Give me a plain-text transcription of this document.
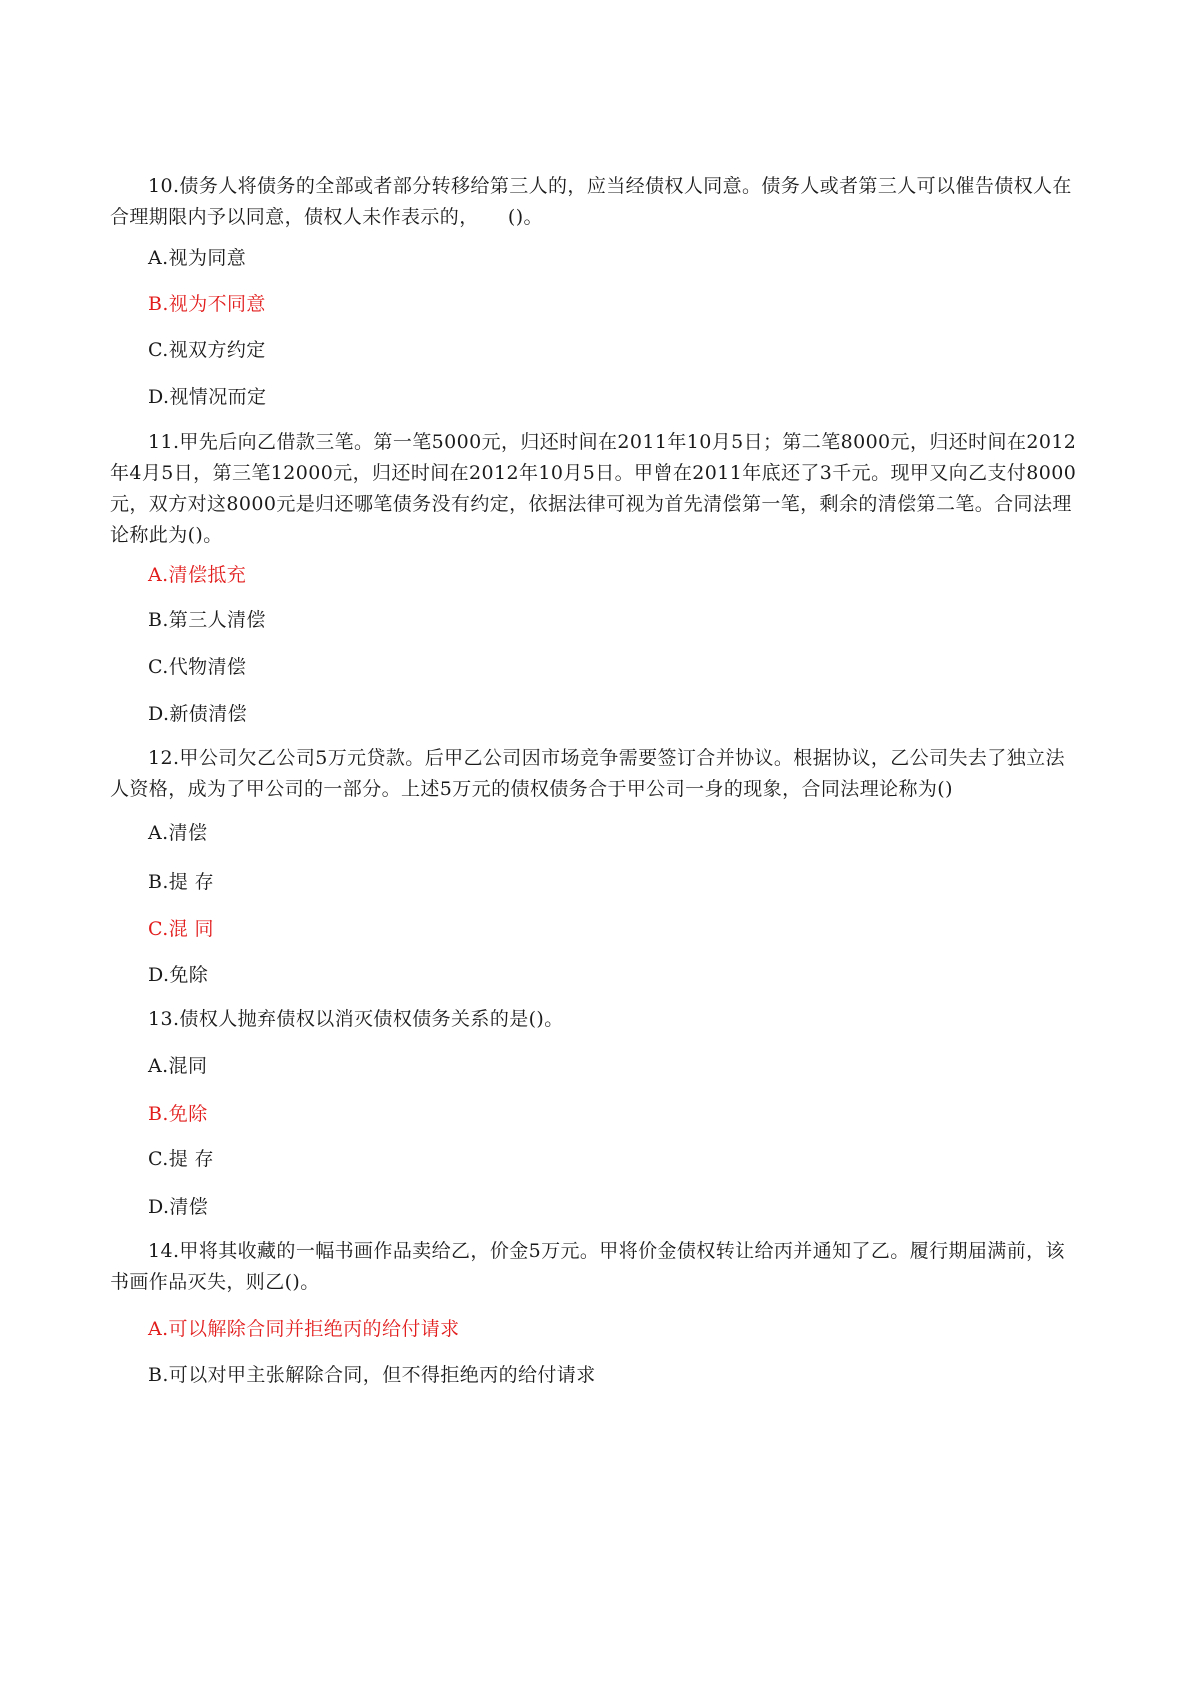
10.债务人将债务的全部或者部分转移给第三人的，应当经债权人同意。债务人或者第三人可以催告债权人在合理期限内予以同意，债权人未作表示的，　　()。

A.视为同意

B.视为不同意

C.视双方约定

D.视情况而定

11.甲先后向乙借款三笔。第一笔5000元，归还时间在2011年10月5日；第二笔8000元，归还时间在2012年4月5日，第三笔12000元，归还时间在2012年10月5日。甲曾在2011年底还了3千元。现甲又向乙支付8000元，双方对这8000元是归还哪笔债务没有约定，依据法律可视为首先清偿第一笔，剩余的清偿第二笔。合同法理论称此为()。

A.清偿抵充

B.第三人清偿

C.代物清偿

D.新债清偿

12.甲公司欠乙公司5万元贷款。后甲乙公司因市场竞争需要签订合并协议。根据协议，乙公司失去了独立法人资格，成为了甲公司的一部分。上述5万元的债权债务合于甲公司一身的现象，合同法理论称为()

A.清偿

B.提 存

C.混 同

D.免除

13.债权人抛弃债权以消灭债权债务关系的是()。

A.混同

B.免除

C.提 存

D.清偿

14.甲将其收藏的一幅书画作品卖给乙，价金5万元。甲将价金债权转让给丙并通知了乙。履行期届满前，该书画作品灭失，则乙()。

A.可以解除合同并拒绝丙的给付请求

B.可以对甲主张解除合同，但不得拒绝丙的给付请求
